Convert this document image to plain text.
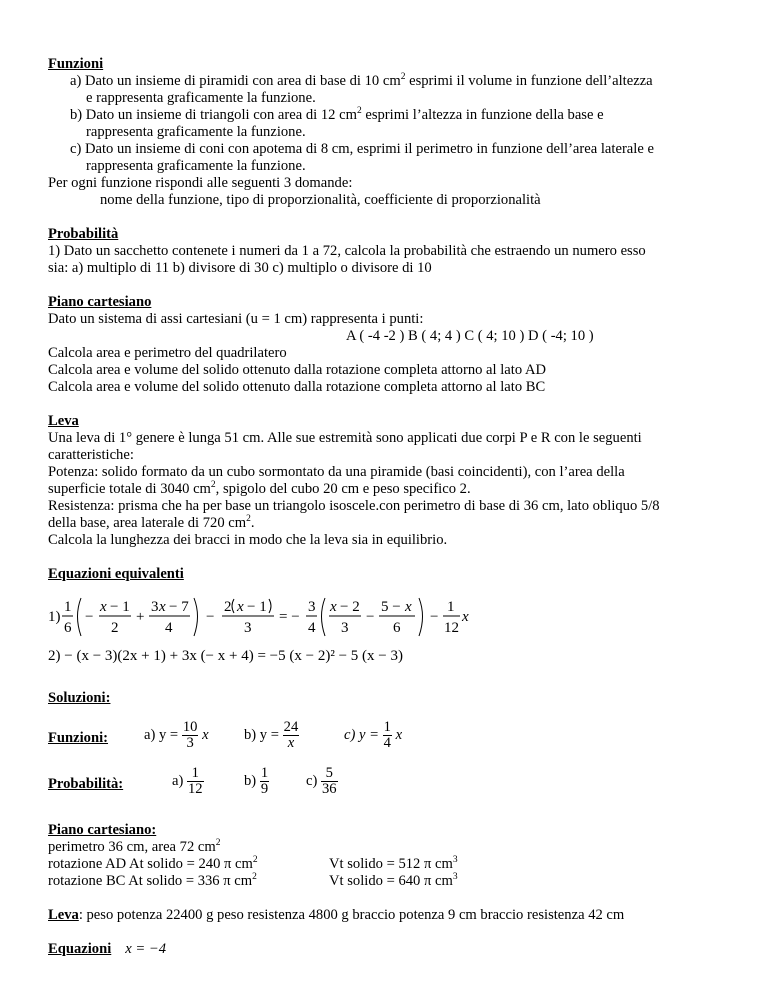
Funzioni
a) Dato un insieme di piramidi con area di base di 10 $cm^2$ esprimi il volume in funzione dell’altezza
e rappresenta graficamente la funzione.
b) Dato un insieme di triangoli con area di 12 $cm^2$ esprimi l’altezza in funzione della base e
rappresenta graficamente la funzione.
c) Dato un insieme di coni con apotema di 8 cm, esprimi il perimetro in funzione dell’area laterale e
rappresenta graficamente la funzione.
Per ogni funzione rispondi alle seguenti 3 domande:
nome della funzione, tipo di proporzionalità, coefficiente di proporzionalità
Probabilità
1) Dato un sacchetto contenete i numeri da 1 a 72, calcola la probabilità che estraendo un numero esso
sia: a) multiplo di 11 b) divisore di 30 c) multiplo o divisore di 10
Piano cartesiano
Dato un sistema di assi cartesiani (u = 1 cm) rappresenta i punti:
A ( -4 -2 ) B ( 4; 4 ) C ( 4; 10 ) D ( -4; 10 )
Calcola area e perimetro del quadrilatero
Calcola area e volume del solido ottenuto dalla rotazione completa attorno al lato AD
Calcola area e volume del solido ottenuto dalla rotazione completa attorno al lato BC
Leva
Una leva di 1° genere è lunga 51 cm. Alle sue estremità sono applicati due corpi P e R con le seguenti
caratteristiche:
Potenza: solido formato da un cubo sormontato da una piramide (basi coincidenti), con l’area della
superficie totale di 3040 $cm^2$, spigolo del cubo 20 cm e peso specifico 2.
Resistenza: prisma che ha per base un triangolo isoscele.con perimetro di base di 36 cm, lato obliquo 5/8
della base, area laterale di 720 $cm^2$.
Calcola la lunghezza dei bracci in modo che la leva sia in equilibrio.
Equazioni equivalenti
1)
1
6
−
x − 1
2
+
3 x − 7
4
−
2 x − 1
3
= −
3
4
x − 2
3
−
5 − x
6
−
1
12
x
2) − (x − 3)(2x + 1) + 3x (− x + 4) = −5 (x − 2)² − 5 (x − 3)
Soluzioni:
Funzioni: a) $y = \frac{10}{3}$ x b) $y = \frac{24}{x}$	c) $y = \frac{1}{4}$ x
Probabilità:	$a) \frac{1}{12}$	$b) \frac{1}{9}$	$c) \frac{5}{36}$
Piano cartesiano:
perimetro 36 cm, area 72 $cm^2$
rotazione AD At solido = 240 π $cm^2$	Vt solido = 512 π $cm^3$
rotazione BC At solido = 336 π $cm^2$	Vt solido = 640 π $cm^3$
Leva: peso potenza 22400 g peso resistenza 4800 g braccio potenza 9 cm braccio resistenza 42 cm
Equazioni x = −4
